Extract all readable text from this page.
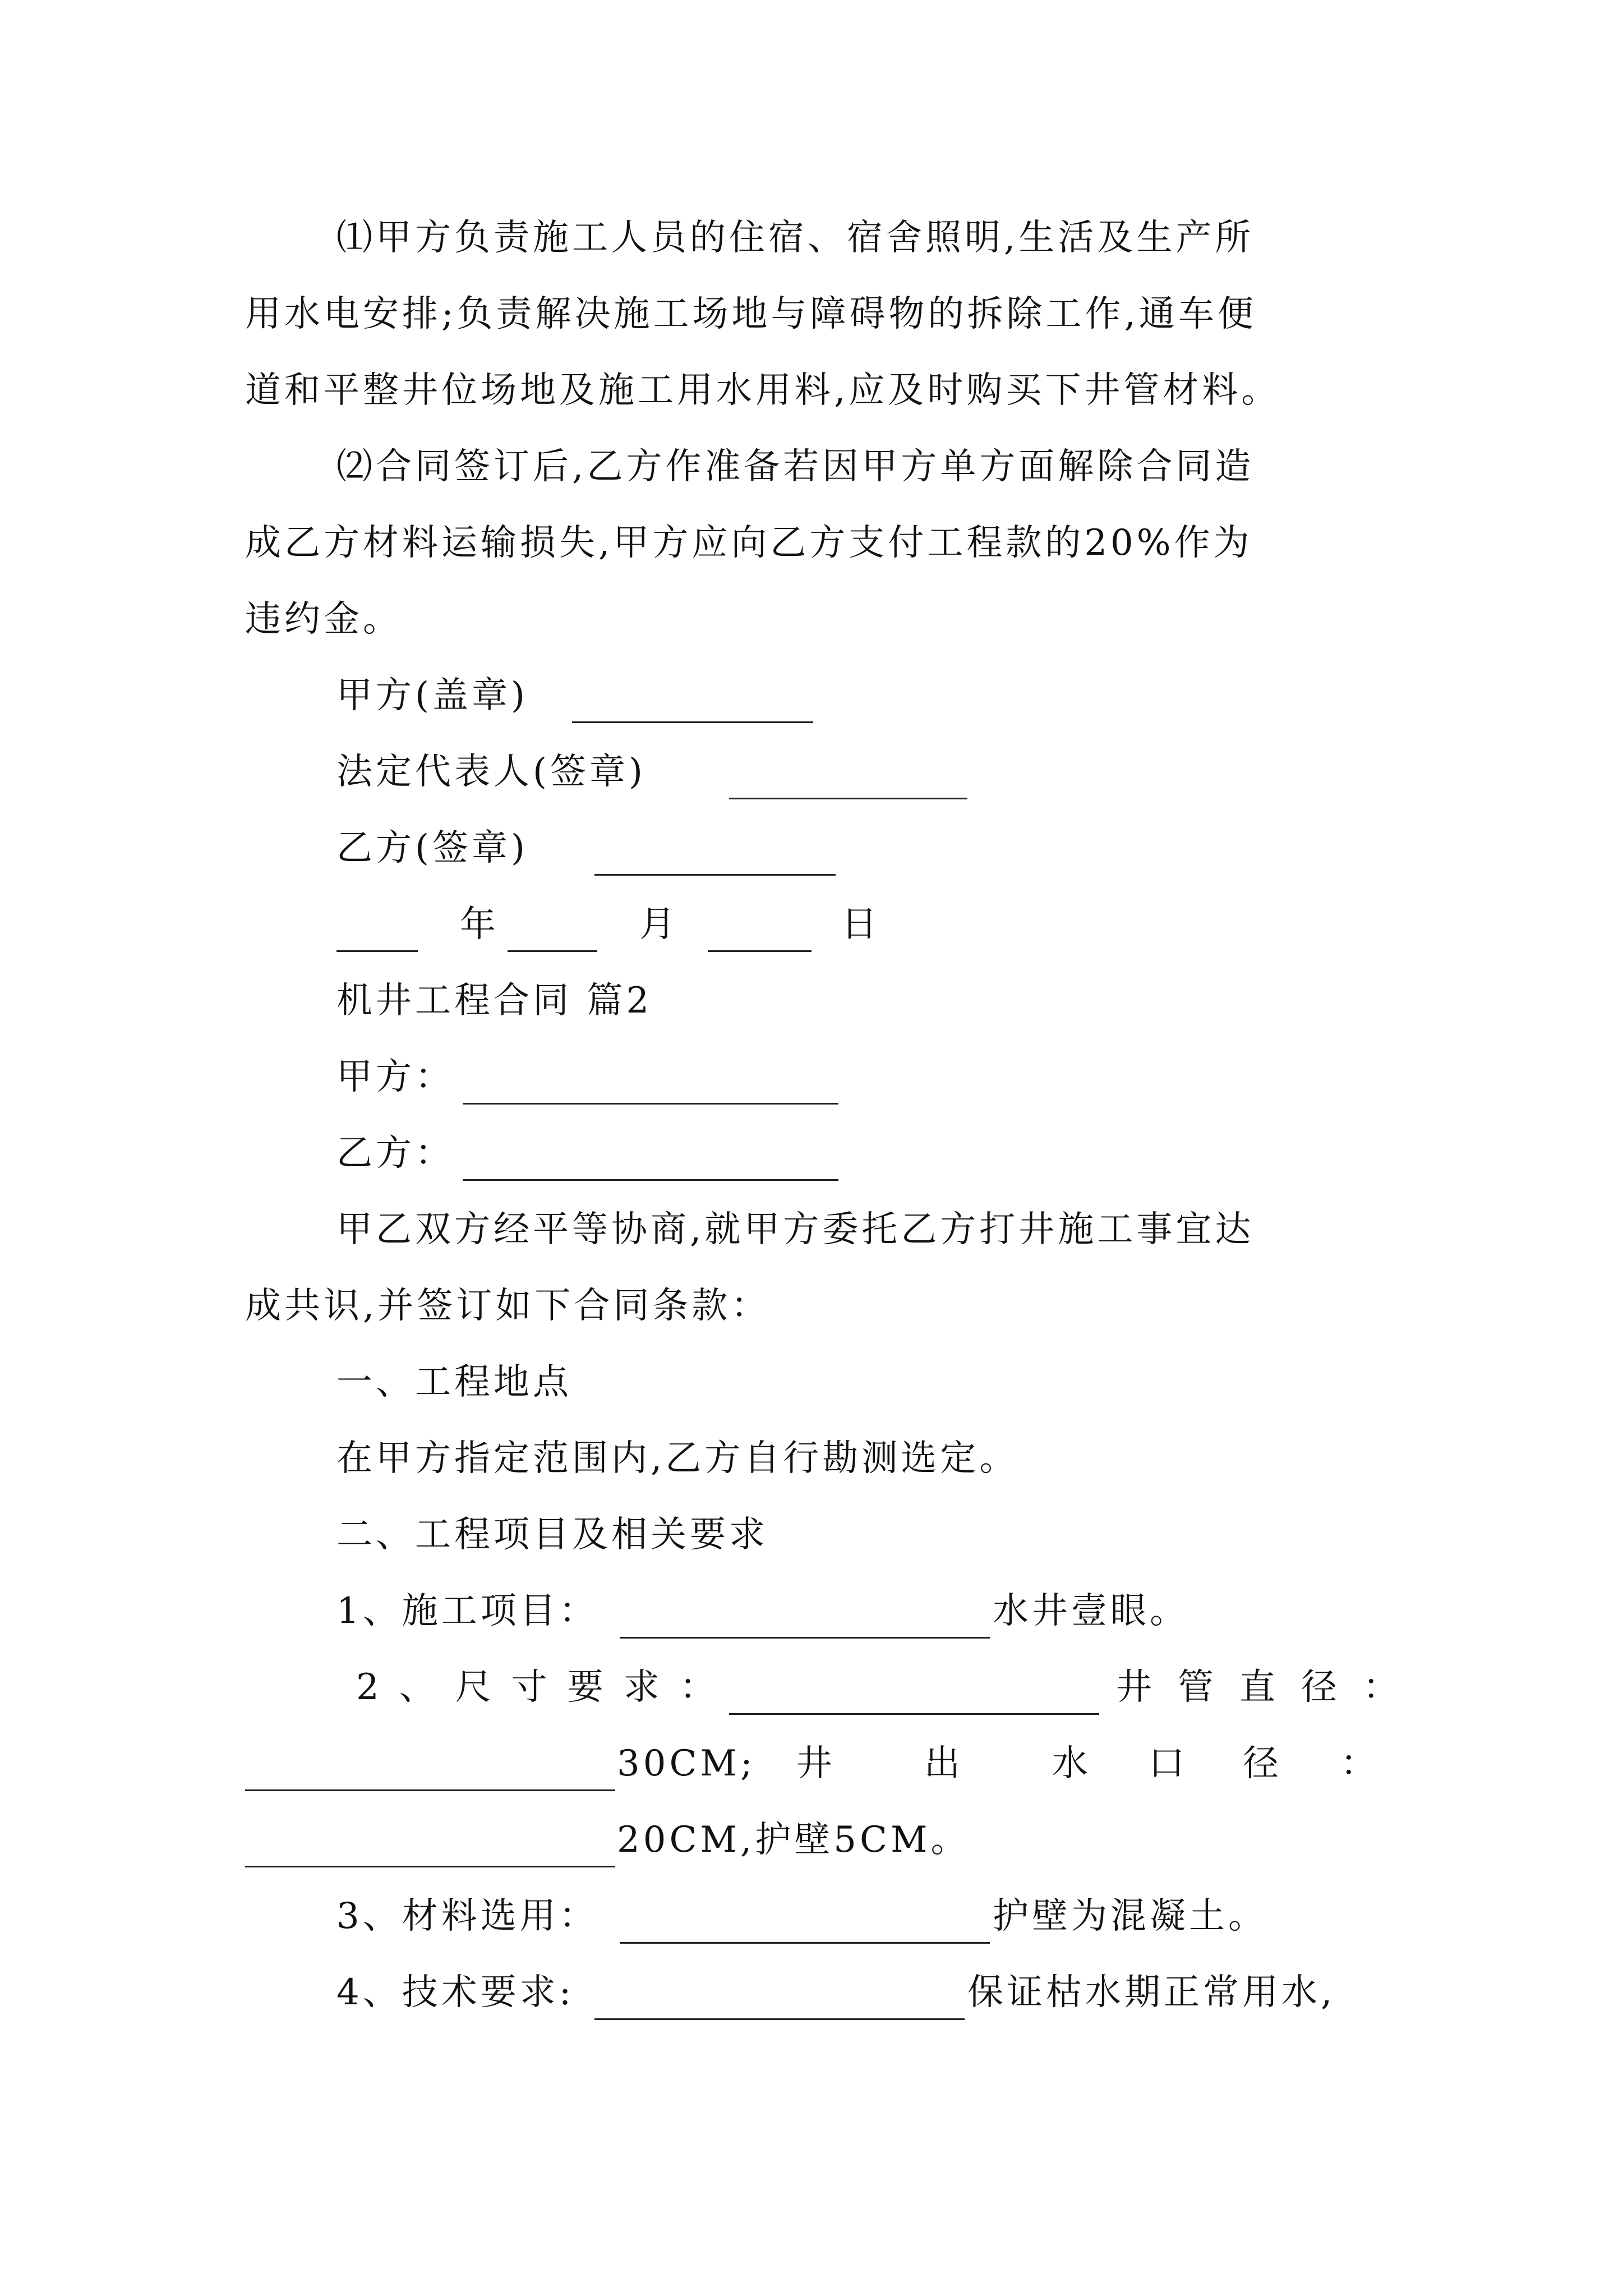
⑴甲方负责施工人员的住宿、宿舍照明,生活及生产所
用水电安排;负责解决施工场地与障碍物的拆除工作,通车便
道和平整井位场地及施工用水用料,应及时购买下井管材料。
⑵合同签订后,乙方作准备若因甲方单方面解除合同造
成乙方材料运输损失,甲方应向乙方支付工程款的20%作为
违约金。
甲方(盖章)
法定代表人(签章)
乙方(签章)
年	月	日
机井工程合同 篇2
甲方：
乙方：
甲乙双方经平等协商,就甲方委托乙方打井施工事宜达
成共识,并签订如下合同条款：
一、工程地点
在甲方指定范围内,乙方自行勘测选定。
二、工程项目及相关要求
1、施工项目：	水井壹眼。
2、尺寸要求：	井管直径：
30CM; 井	出	水 口 径 ：
20CM,护壁5CM。
3、材料选用：	护壁为混凝土。
4、技术要求:	保证枯水期正常用水,
